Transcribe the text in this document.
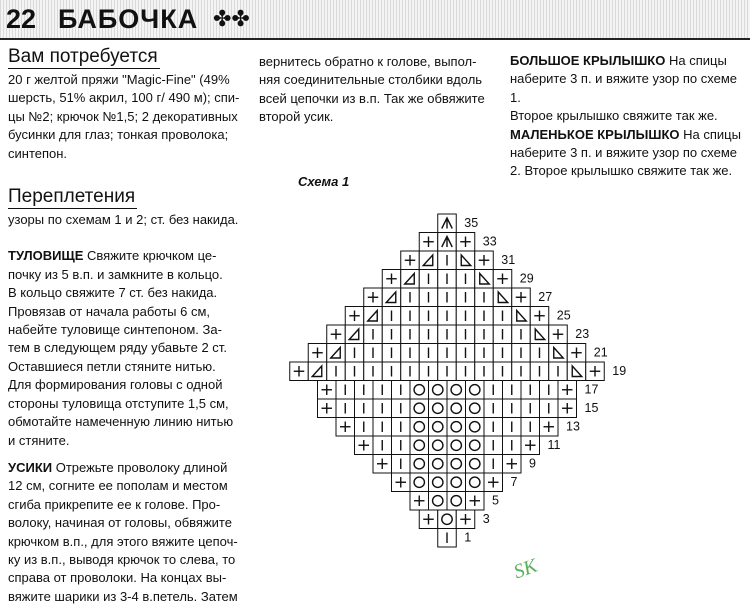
22 БАБОЧКА ✤✤
Вам потребуется
20 г желтой пряжи "Magic-Fine" (49%
шерсть, 51% акрил, 100 г/ 490 м); спи-
цы №2; крючок №1,5; 2 декоративных
бусинки для глаз; тонкая проволока;
синтепон.
Переплетения

узоры по схемам 1 и 2; ст. без накида.

ТУЛОВИЩЕ Свяжите крючком це-
почку из 5 в.п. и замкните в кольцо.
В кольцо свяжите 7 ст. без накида.
Провязав от начала работы 6 см,
набейте туловище синтепоном. За-
тем в следующем ряду убавьте 2 ст.
Оставшиеся петли стяните нитью.
Для формирования головы с одной
стороны туловища отступите 1,5 см,
обмотайте намеченную линию нитью
и стяните.
УСИКИ Отрежьте проволоку длиной
12 см, согните ее пополам и местом
сгиба прикрепите ее к голове. Про-
волоку, начиная от головы, обвяжите
крючком в.п., для этого вяжите цепоч-
ку из в.п., выводя крючок то слева, то
справа от проволоки. На концах вы-
вяжите шарики из 3-4 в.петель. Затем
вернитесь обратно к голове, выпол-
няя соединительные столбики вдоль
всей цепочки из в.п. Так же обвяжите
второй усик.
БОЛЬШОЕ КРЫЛЫШКО На спицы
наберите 3 п. и вяжите узор по схеме 1.
Второе крылышко свяжите так же.
МАЛЕНЬКОЕ КРЫЛЫШКО На спицы
наберите 3 п. и вяжите узор по схеме
2. Второе крылышко свяжите так же.
Схема 1
35
33
31
29
27
25
23
21
19
17
15
13
11
9
7
5
3
1
SK
